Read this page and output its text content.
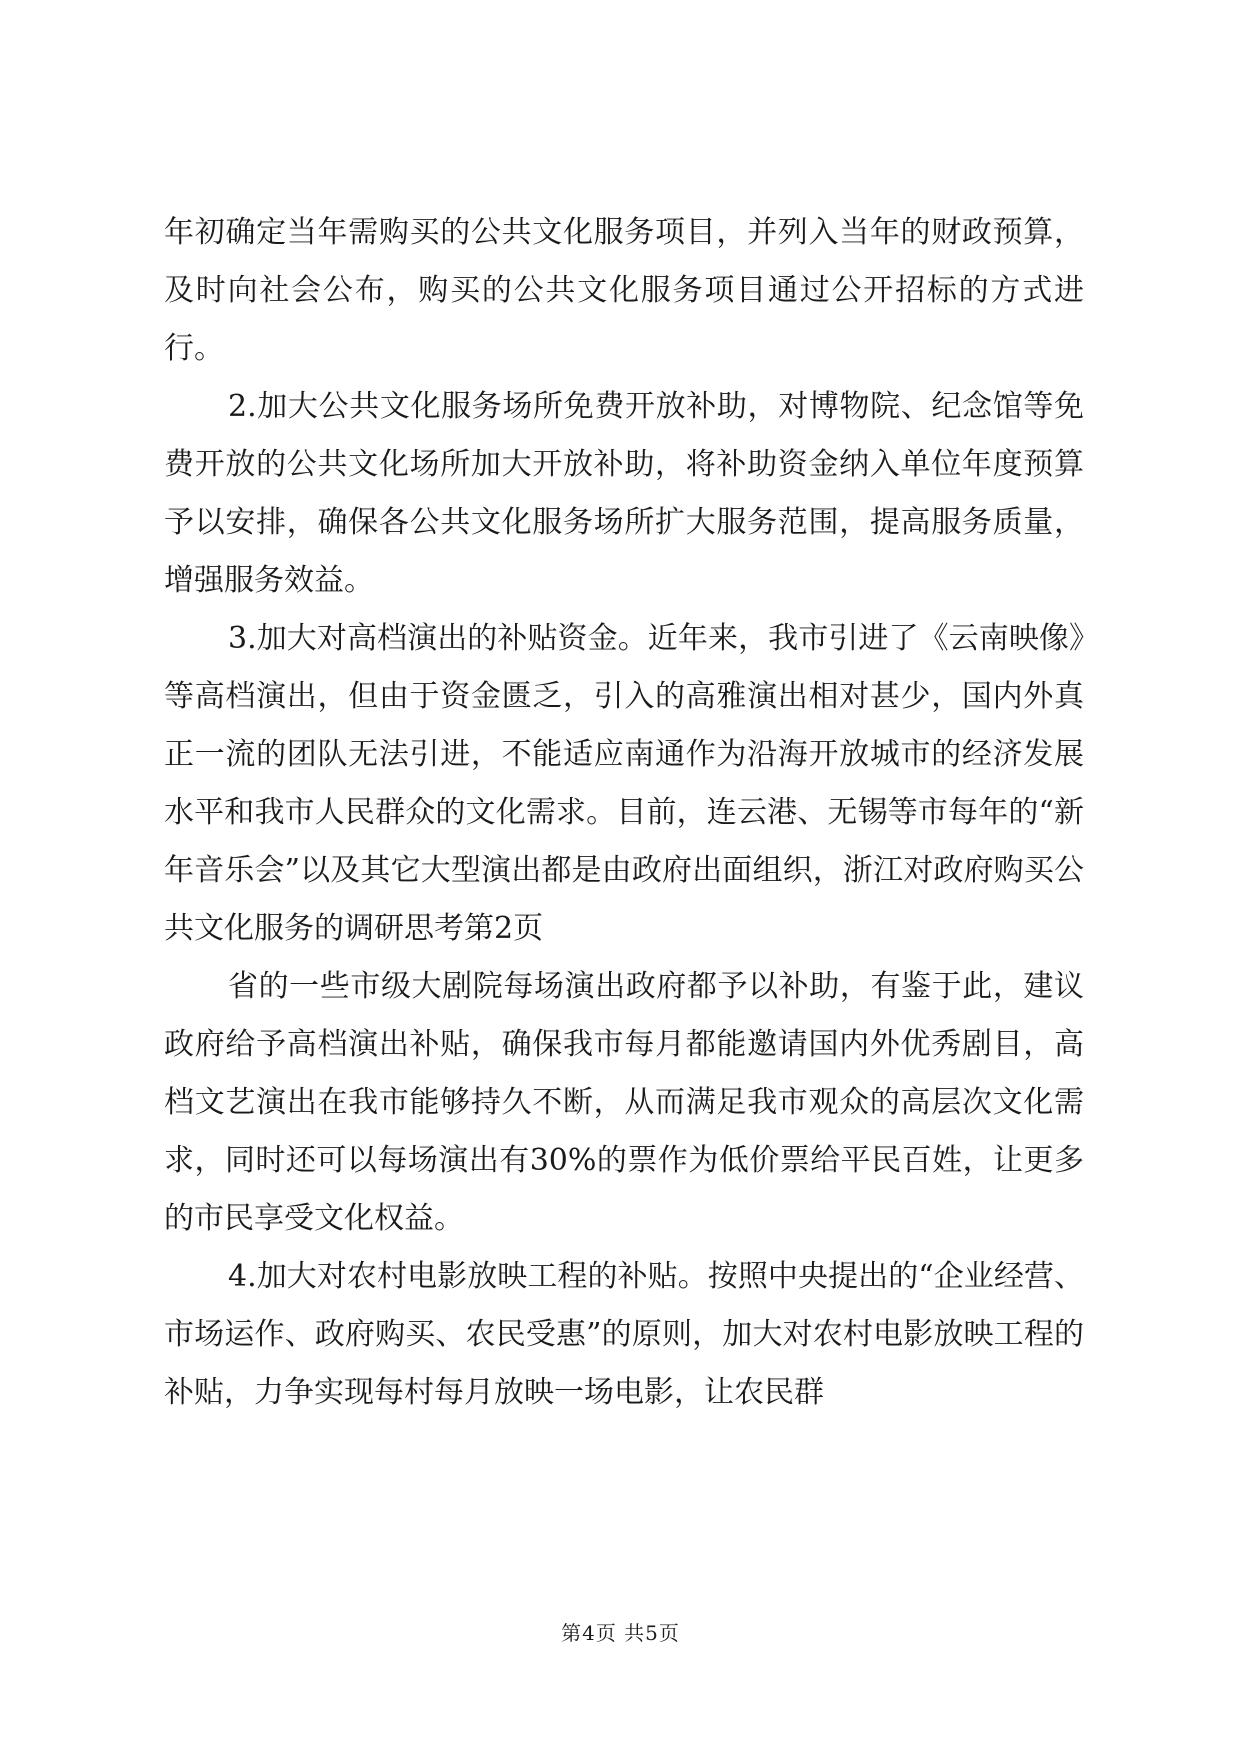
年初确定当年需购买的公共文化服务项目，并列入当年的财政预算，及时向社会公布，购买的公共文化服务项目通过公开招标的方式进行。

2.加大公共文化服务场所免费开放补助，对博物院、纪念馆等免费开放的公共文化场所加大开放补助，将补助资金纳入单位年度预算予以安排，确保各公共文化服务场所扩大服务范围，提高服务质量，增强服务效益。

3.加大对高档演出的补贴资金。近年来，我市引进了《云南映像》等高档演出，但由于资金匮乏，引入的高雅演出相对甚少，国内外真正一流的团队无法引进，不能适应南通作为沿海开放城市的经济发展水平和我市人民群众的文化需求。目前，连云港、无锡等市每年的“新年音乐会”以及其它大型演出都是由政府出面组织，浙江对政府购买公共文化服务的调研思考第2页

省的一些市级大剧院每场演出政府都予以补助，有鉴于此，建议政府给予高档演出补贴，确保我市每月都能邀请国内外优秀剧目，高档文艺演出在我市能够持久不断，从而满足我市观众的高层次文化需求，同时还可以每场演出有30%的票作为低价票给平民百姓，让更多的市民享受文化权益。

4.加大对农村电影放映工程的补贴。按照中央提出的“企业经营、市场运作、政府购买、农民受惠”的原则，加大对农村电影放映工程的补贴，力争实现每村每月放映一场电影，让农民群

第4页 共5页
